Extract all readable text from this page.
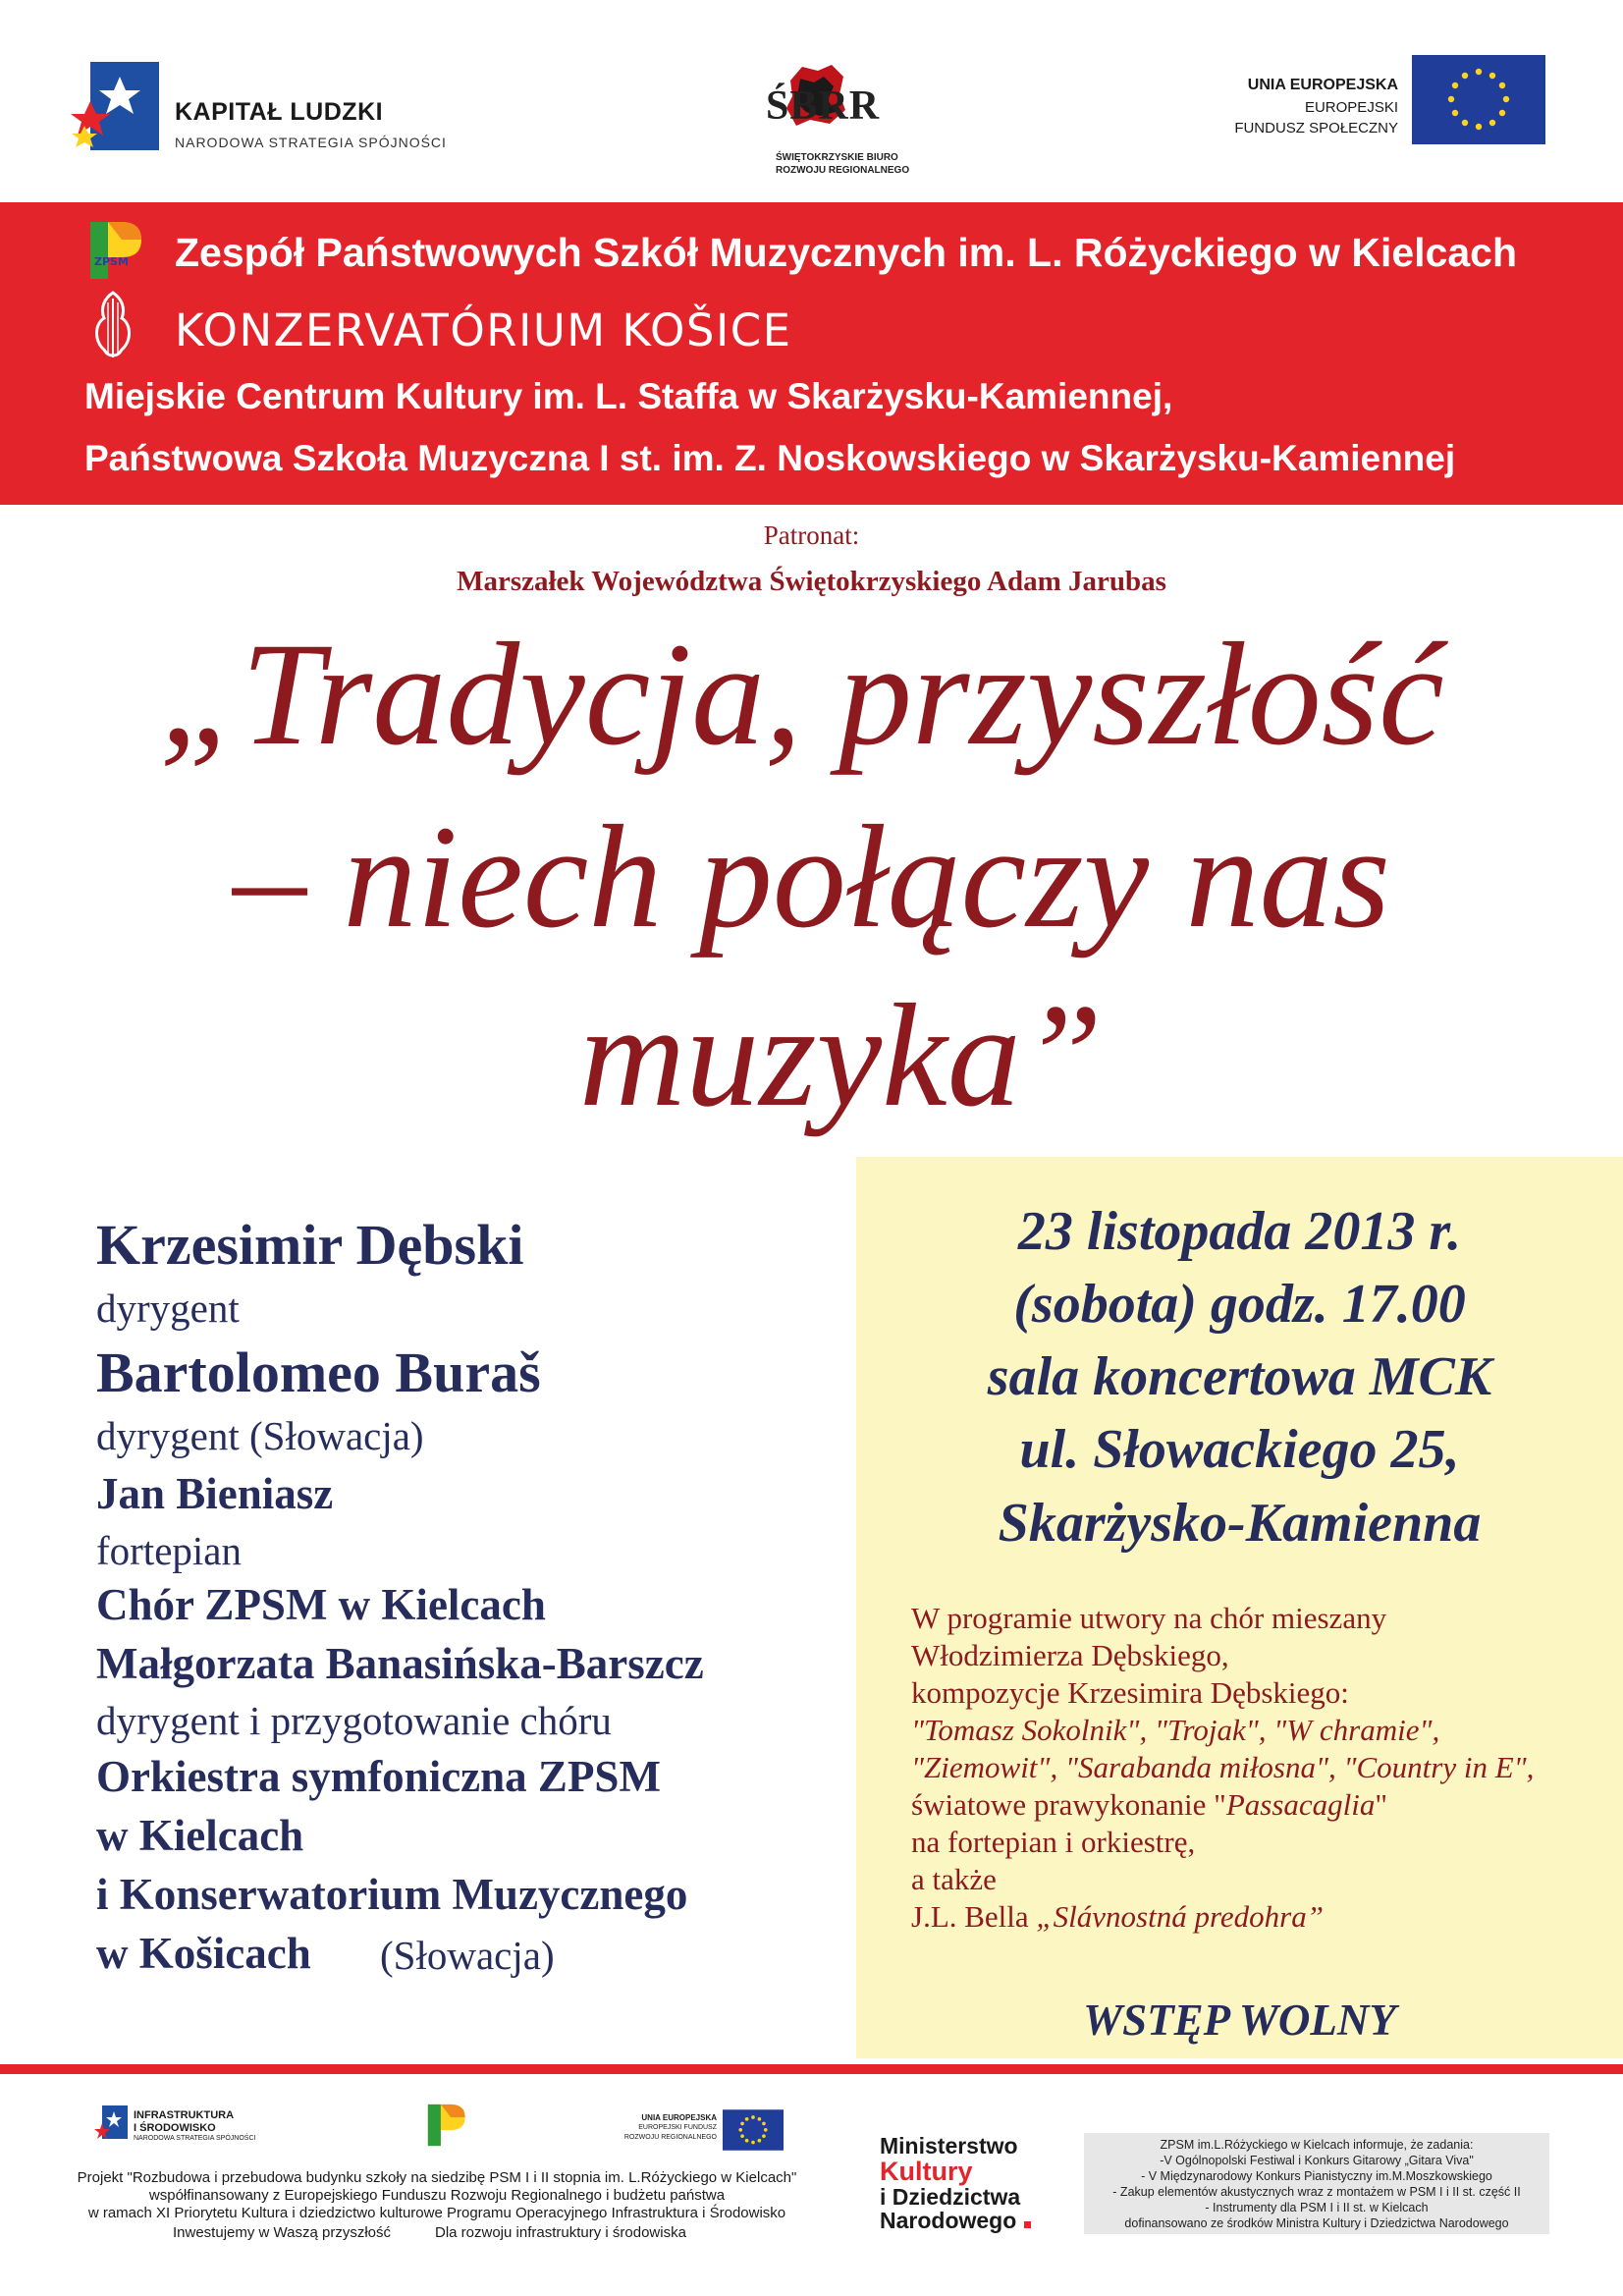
KAPITAŁ LUDZKI
NARODOWA STRATEGIA SPÓJNOŚCI
ŚBRR
ŚWIĘTOKRZYSKIE BIURO
ROZWOJU REGIONALNEGO
UNIA EUROPEJSKA
EUROPEJSKI
FUNDUSZ SPOŁECZNY
ZPSM Zespół Państwowych Szkół Muzycznych im. L. Różyckiego w Kielcach
KONZERVATÓRIUM KOŠICE
Miejskie Centrum Kultury im. L. Staffa w Skarżysku-Kamiennej,
Państwowa Szkoła Muzyczna I st. im. Z. Noskowskiego w Skarżysku-Kamiennej
Patronat:
Marszałek Województwa Świętokrzyskiego Adam Jarubas
„Tradycja, przyszłość
– niech połączy nas
muzyka”
Krzesimir Dębski
dyrygent
Bartolomeo Buraš
dyrygent (Słowacja)
Jan Bieniasz
fortepian
Chór ZPSM w Kielcach
Małgorzata Banasińska-Barszcz
dyrygent i przygotowanie chóru
Orkiestra symfoniczna ZPSM
w Kielcach
i Konserwatorium Muzycznego
w Košicach (Słowacja)
23 listopada 2013 r.
(sobota) godz. 17.00
sala koncertowa MCK
ul. Słowackiego 25,
Skarżysko-Kamienna
W programie utwory na chór mieszany
Włodzimierza Dębskiego,
kompozycje Krzesimira Dębskiego:
"Tomasz Sokolnik", "Trojak", "W chramie",
"Ziemowit", "Sarabanda miłosna", "Country in E",
światowe prawykonanie "Passacaglia"
na fortepian i orkiestrę,
a także
J.L. Bella „Slávnostná predohra”
WSTĘP WOLNY
INFRASTRUKTURA
I ŚRODOWISKO
NARODOWA STRATEGIA SPÓJNOŚCI
UNIA EUROPEJSKA
EUROPEJSKI FUNDUSZ
ROZWOJU REGIONALNEGO
Projekt "Rozbudowa i przebudowa budynku szkoły na siedzibę PSM I i II stopnia im. L.Różyckiego w Kielcach"
współfinansowany z Europejskiego Funduszu Rozwoju Regionalnego i budżetu państwa
w ramach XI Priorytetu Kultura i dziedzictwo kulturowe Programu Operacyjnego Infrastruktura i Środowisko
Inwestujemy w Waszą przyszłość	Dla rozwoju infrastruktury i środowiska
Ministerstwo
Kultury
i Dziedzictwa
Narodowego
ZPSM im.L.Różyckiego w Kielcach informuje, że zadania:
-V Ogólnopolski Festiwal i Konkurs Gitarowy „Gitara Viva"
- V Międzynarodowy Konkurs Pianistyczny im.M.Moszkowskiego
- Zakup elementów akustycznych wraz z montażem w PSM I i II st. część II
- Instrumenty dla PSM I i II st. w Kielcach
dofinansowano ze środków Ministra Kultury i Dziedzictwa Narodowego
